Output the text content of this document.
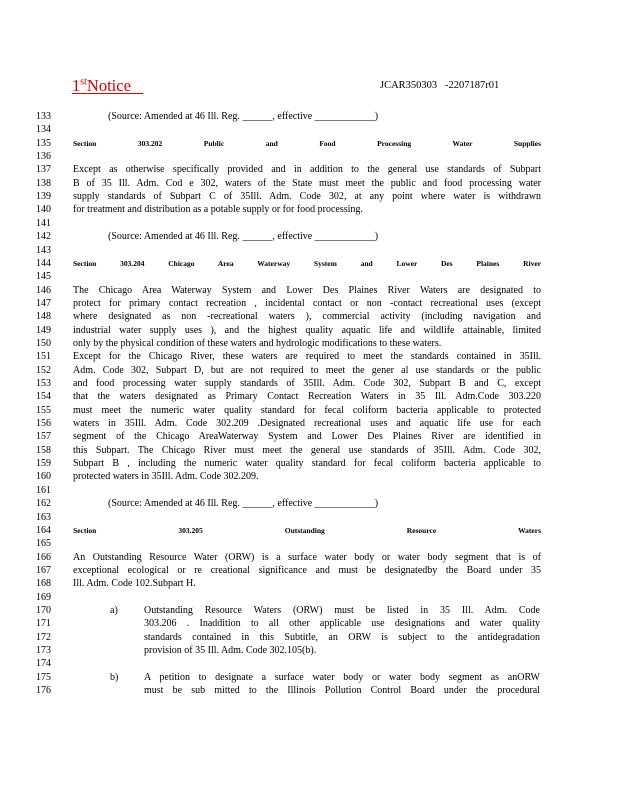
1stNotice	JCAR350303   -2207187r01
133	(Source: Amended at 46 Ill. Reg. ______, effective ____________)
134
135	Section 303.202 Public and Food Processing Water Supplies
136
137	Except as otherwise specifically provided and in addition to the general use standards of Subpart
138	B of 35 Ill. Adm. Cod e 302, waters of the State must meet the public and food processing water
139	supply standards of Subpart C of 35Ill. Adm. Code 302, at any point where water is withdrawn
140	for treatment and distribution as a potable supply or for food processing.
141
142	(Source: Amended at 46 Ill. Reg. ______, effective ____________)
143
144	Section 303.204 Chicago Area Waterway System and Lower Des Plaines River
145
146	The Chicago Area Waterway System and Lower Des Plaines River Waters are designated to
147	protect for primary contact recreation , incidental contact or non -contact recreational uses (except
148	where designated as non -recreational waters ), commercial activity (including navigation and
149	industrial water supply uses ), and the highest quality aquatic life and wildlife attainable, limited
150	only by the physical condition of these waters and hydrologic modifications to these waters.
151	Except for the Chicago River, these waters are required to meet the standards contained in 35Ill.
152	Adm. Code 302, Subpart D, but are not required to meet the gener al use standards or the public
153	and food processing water supply standards of 35Ill. Adm. Code 302, Subpart B and C, except
154	that the waters designated as Primary Contact Recreation Waters in 35 Ill. Adm.Code 303.220
155	must meet the numeric water quality standard for fecal coliform bacteria applicable to protected
156	waters in 35Ill. Adm. Code 302.209 .Designated recreational uses and aquatic life use for each
157	segment of the Chicago AreaWaterway System and Lower Des Plaines River are identified in
158	this Subpart. The Chicago River must meet the general use standards of 35Ill. Adm. Code 302,
159	Subpart B , including the numeric water quality standard for fecal coliform bacteria applicable to
160	protected waters in 35Ill. Adm. Code 302.209.
161
162	(Source: Amended at 46 Ill. Reg. ______, effective ____________)
163
164	Section 303.205 Outstanding Resource Waters
165
166	An Outstanding Resource Water (ORW) is a surface water body or water body segment that is of
167	exceptional ecological or re creational significance and must be designatedby the Board under 35
168	Ill. Adm. Code 102.Subpart H.
169
170	a)	Outstanding Resource Waters (ORW) must be listed in 35 Ill. Adm. Code
171	303.206 . Inaddition to all other applicable use designations and water quality
172	standards contained in this Subtitle, an ORW is subject to the antidegradation
173	provision of 35 Ill. Adm. Code 302.105(b).
174
175	b)	A petition to designate a surface water body or water body segment as anORW
176	must be sub mitted to the Illinois Pollution Control Board under the procedural
